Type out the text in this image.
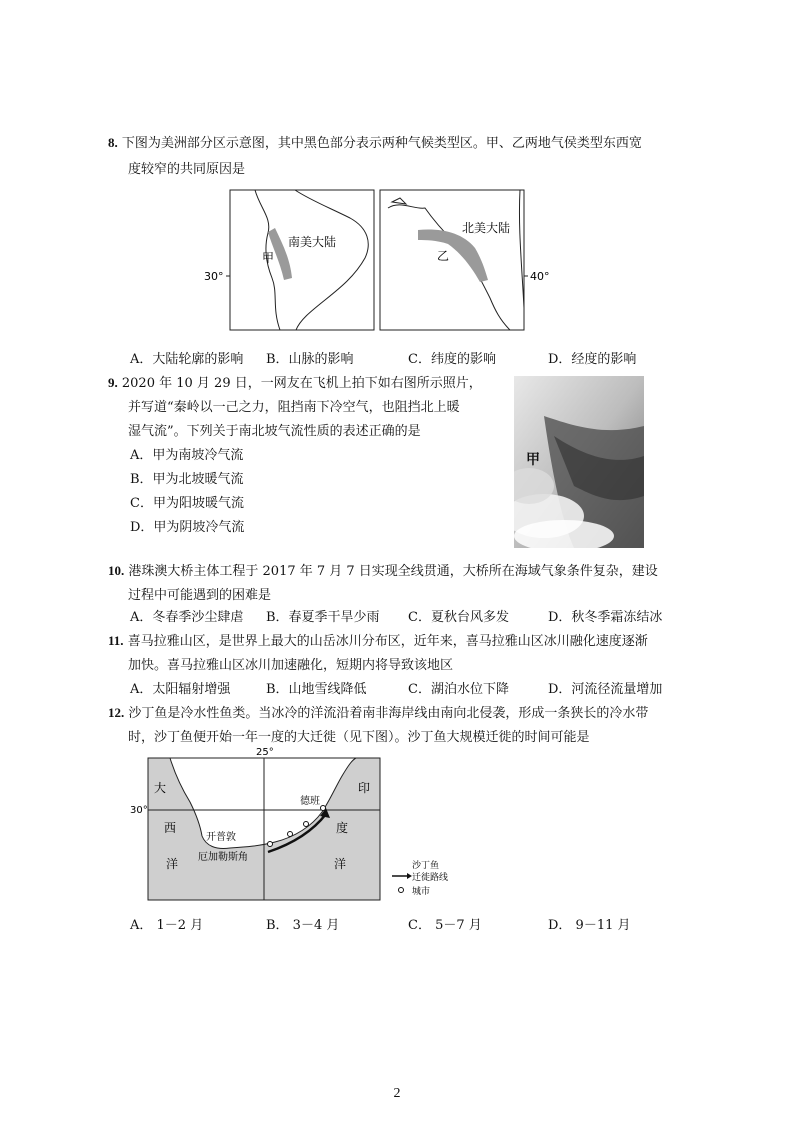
8. 下图为美洲部分区示意图，其中黑色部分表示两种气候类型区。甲、乙两地气侯类型东西宽
度较窄的共同原因是
南美大陆
甲
30°
北美大陆
乙
40°
A．大陆轮廓的影响 B．山脉的影响	C．纬度的影响	D．经度的影响
9. 2020 年 10 月 29 日，一网友在飞机上拍下如右图所示照片，
并写道“秦岭以一己之力，阻挡南下冷空气，也阻挡北上暖
湿气流”。下列关于南北坡气流性质的表述正确的是
A．甲为南坡冷气流
B．甲为北坡暖气流
C．甲为阳坡暖气流
D．甲为阴坡冷气流
甲
10. 港珠澳大桥主体工程于 2017 年 7 月 7 日实现全线贯通，大桥所在海域气象条件复杂，建设
过程中可能遇到的困难是
A．冬春季沙尘肆虐 B．春夏季干旱少雨 C．夏秋台风多发	D．秋冬季霜冻结冰
11. 喜马拉雅山区，是世界上最大的山岳冰川分布区，近年来，喜马拉雅山区冰川融化速度逐渐
加快。喜马拉雅山区冰川加速融化，短期内将导致该地区
A．太阳辐射增强	B．山地雪线降低	C．湖泊水位下降	D．河流径流量增加
12. 沙丁鱼是冷水性鱼类。当冰冷的洋流沿着南非海岸线由南向北侵袭，形成一条狭长的冷水带
时，沙丁鱼便开始一年一度的大迁徙（见下图）。沙丁鱼大规模迁徙的时间可能是
25°
30°
大
西
洋
印
度
洋
德班
开普敦
厄加勒斯角
沙丁鱼
迁徙路线
城市
A． 1－2 月	B． 3－4 月	C． 5－7 月	D． 9－11 月
2
